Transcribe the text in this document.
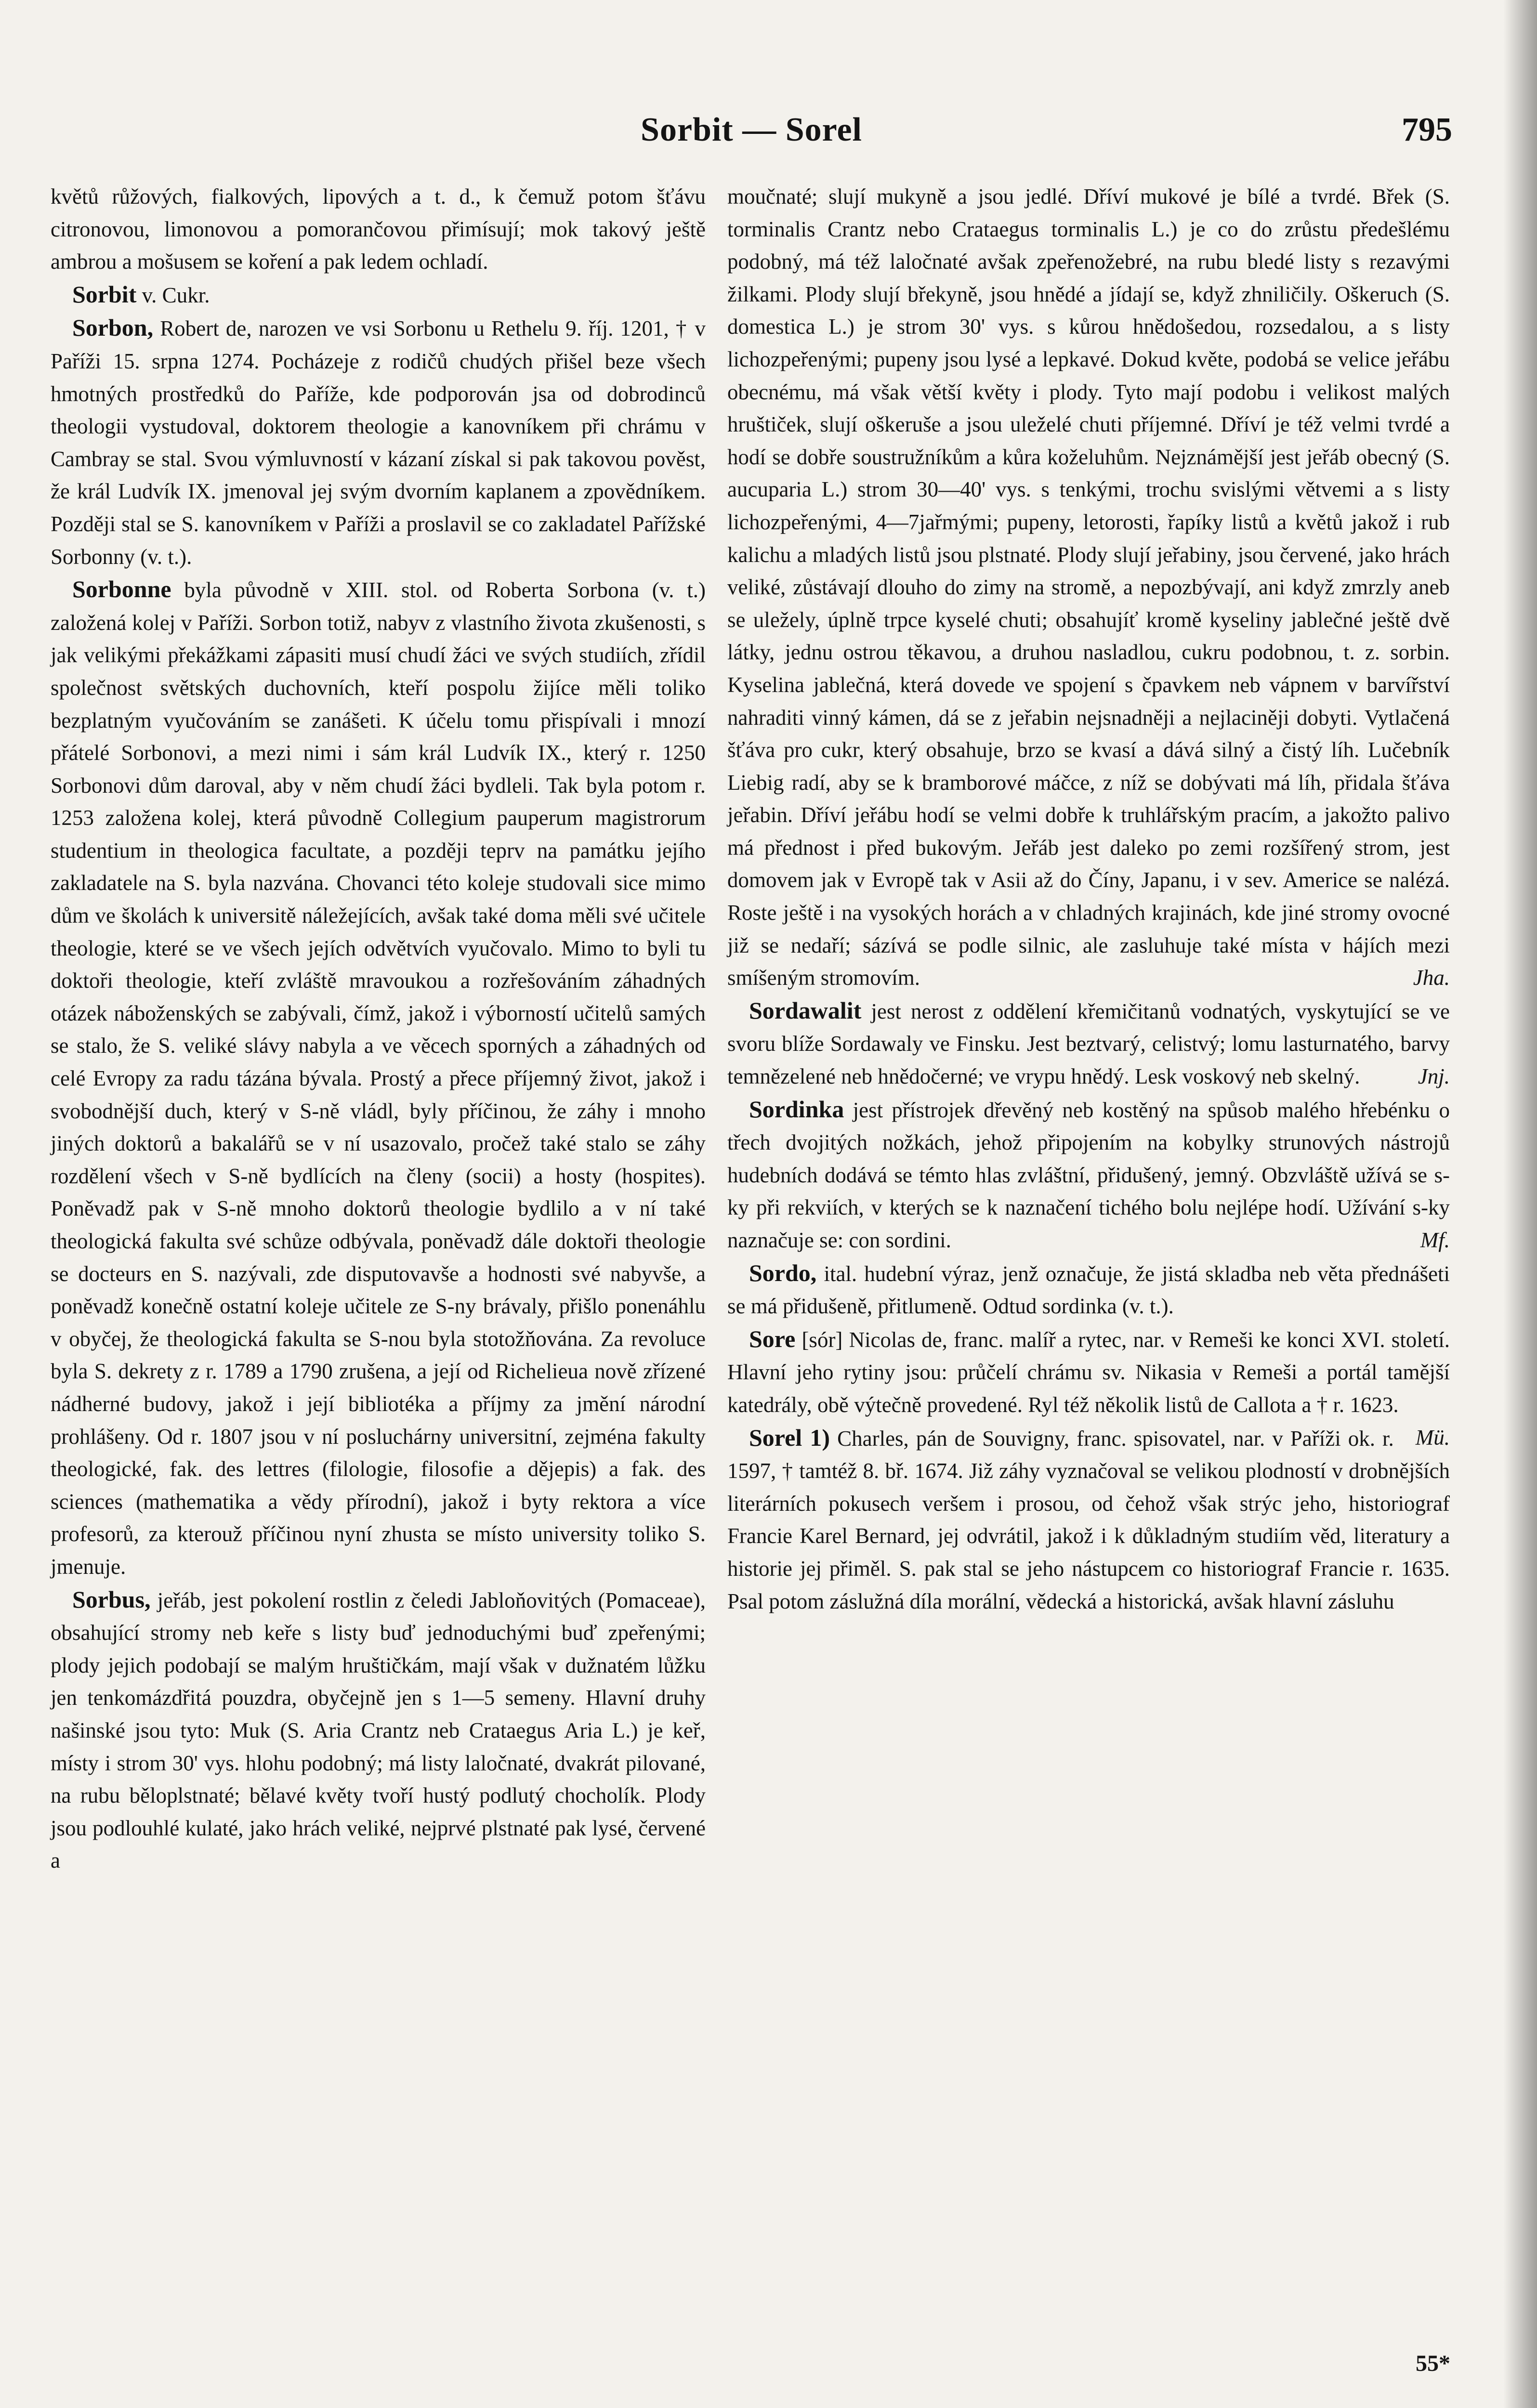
Sorbit — Sorel	795

květů růžových, fialkových, lipových a t. d., k čemuž potom šťávu citronovou, limonovou a pomorančovou přimísují; mok takový ještě ambrou a mošusem se koření a pak ledem ochladí.

Sorbit v. Cukr.

Sorbon, Robert de, narozen ve vsi Sorbonu u Rethelu 9. říj. 1201, † v Paříži 15. srpna 1274. Pocházeje z rodičů chudých přišel beze všech hmotných prostředků do Paříže, kde podporován jsa od dobrodinců theologii vystudoval, doktorem theologie a kanovníkem při chrámu v Cambray se stal. Svou výmluvností v kázaní získal si pak takovou pověst, že král Ludvík IX. jmenoval jej svým dvorním kaplanem a zpovědníkem. Později stal se S. kanovníkem v Paříži a proslavil se co zakladatel Pařížské Sorbonny (v. t.).

Sorbonne byla původně v XIII. stol. od Roberta Sorbona (v. t.) založená kolej v Paříži. Sorbon totiž, nabyv z vlastního života zkušenosti, s jak velikými překážkami zápasiti musí chudí žáci ve svých studiích, zřídil společnost světských duchovních, kteří pospolu žijíce měli toliko bezplatným vyučováním se zanášeti. K účelu tomu přispívali i mnozí přátelé Sorbonovi, a mezi nimi i sám král Ludvík IX., který r. 1250 Sorbonovi dům daroval, aby v něm chudí žáci bydleli. Tak byla potom r. 1253 založena kolej, která původně Collegium pauperum magistrorum studentium in theologica facultate, a později teprv na památku jejího zakladatele na S. byla nazvána. Chovanci této koleje studovali sice mimo dům ve školách k universitě náležejících, avšak také doma měli své učitele theologie, které se ve všech jejích odvětvích vyučovalo. Mimo to byli tu doktoři theologie, kteří zvláště mravoukou a rozřešováním záhadných otázek náboženských se zabývali, čímž, jakož i výborností učitelů samých se stalo, že S. veliké slávy nabyla a ve věcech sporných a záhadných od celé Evropy za radu tázána bývala. Prostý a přece příjemný život, jakož i svobodnější duch, který v S-ně vládl, byly příčinou, že záhy i mnoho jiných doktorů a bakalářů se v ní usazovalo, pročež také stalo se záhy rozdělení všech v S-ně bydlících na členy (socii) a hosty (hospites). Poněvadž pak v S-ně mnoho doktorů theologie bydlilo a v ní také theologická fakulta své schůze odbývala, poněvadž dále doktoři theologie se docteurs en S. nazývali, zde disputovavše a hodnosti své nabyvše, a poněvadž konečně ostatní koleje učitele ze S-ny brávaly, přišlo ponenáhlu v obyčej, že theologická fakulta se S-nou byla stotožňována. Za revoluce byla S. dekrety z r. 1789 a 1790 zrušena, a její od Richelieua nově zřízené nádherné budovy, jakož i její bibliotéka a příjmy za jmění národní prohlášeny. Od r. 1807 jsou v ní posluchárny universitní, zejména fakulty theologické, fak. des lettres (filologie, filosofie a dějepis) a fak. des sciences (mathematika a vědy přírodní), jakož i byty rektora a více profesorů, za kterouž příčinou nyní zhusta se místo university toliko S. jmenuje.

Sorbus, jeřáb, jest pokolení rostlin z čeledi Jabloňovitých (Pomaceae), obsahující stromy neb keře s listy buď jednoduchými buď zpeřenými; plody jejich podobají se malým hruštičkám, mají však v dužnatém lůžku jen tenkomázdřitá pouzdra, obyčejně jen s 1—5 semeny. Hlavní druhy našinské jsou tyto: Muk (S. Aria Crantz neb Crataegus Aria L.) je keř, místy i strom 30' vys. hlohu podobný; má listy laločnaté, dvakrát pilované, na rubu běloplstnaté; bělavé květy tvoří hustý podlutý chocholík. Plody jsou podlouhlé kulaté, jako hrách veliké, nejprvé plstnaté pak lysé, červené a

moučnaté; slují mukyně a jsou jedlé. Dříví mukové je bílé a tvrdé. Břek (S. torminalis Crantz nebo Crataegus torminalis L.) je co do zrůstu předešlému podobný, má též laločnaté avšak zpeřenožebré, na rubu bledé listy s rezavými žilkami. Plody slují břekyně, jsou hnědé a jídají se, když zhniličily. Oškeruch (S. domestica L.) je strom 30' vys. s kůrou hnědošedou, rozsedalou, a s listy lichozpeřenými; pupeny jsou lysé a lepkavé. Dokud květe, podobá se velice jeřábu obecnému, má však větší květy i plody. Tyto mají podobu i velikost malých hruštiček, slují oškeruše a jsou uleželé chuti příjemné. Dříví je též velmi tvrdé a hodí se dobře soustružníkům a kůra koželuhům. Nejznámější jest jeřáb obecný (S. aucuparia L.) strom 30—40' vys. s tenkými, trochu svislými větvemi a s listy lichozpeřenými, 4—7jařmými; pupeny, letorosti, řapíky listů a květů jakož i rub kalichu a mladých listů jsou plstnaté. Plody slují jeřabiny, jsou červené, jako hrách veliké, zůstávají dlouho do zimy na stromě, a nepozbývají, ani když zmrzly aneb se uležely, úplně trpce kyselé chuti; obsahujíť kromě kyseliny jablečné ještě dvě látky, jednu ostrou těkavou, a druhou nasladlou, cukru podobnou, t. z. sorbin. Kyselina jablečná, která dovede ve spojení s čpavkem neb vápnem v barvířství nahraditi vinný kámen, dá se z jeřabin nejsnadněji a nejlaciněji dobyti. Vytlačená šťáva pro cukr, který obsahuje, brzo se kvasí a dává silný a čistý líh. Lučebník Liebig radí, aby se k bramborové máčce, z níž se dobývati má líh, přidala šťáva jeřabin. Dříví jeřábu hodí se velmi dobře k truhlářským pracím, a jakožto palivo má přednost i před bukovým. Jeřáb jest daleko po zemi rozšířený strom, jest domovem jak v Evropě tak v Asii až do Číny, Japanu, i v sev. Americe se nalézá. Roste ještě i na vysokých horách a v chladných krajinách, kde jiné stromy ovocné již se nedaří; sázívá se podle silnic, ale zasluhuje také místa v hájích mezi smíšeným stromovím.	Jha.

Sordawalit jest nerost z oddělení křemičitanů vodnatých, vyskytující se ve svoru blíže Sordawaly ve Finsku. Jest beztvarý, celistvý; lomu lasturnatého, barvy temnězelené neb hnědočerné; ve vrypu hnědý. Lesk voskový neb skelný.	Jnj.

Sordinka jest přístrojek dřevěný neb kostěný na spůsob malého hřebénku o třech dvojitých nožkách, jehož připojením na kobylky strunových nástrojů hudebních dodává se témto hlas zvláštní, přidušený, jemný. Obzvláště užívá se s-ky při rekviích, v kterých se k naznačení tichého bolu nejlépe hodí. Užívání s-ky naznačuje se: con sordini.	Mf.

Sordo, ital. hudební výraz, jenž označuje, že jistá skladba neb věta přednášeti se má přidušeně, přitlumeně. Odtud sordinka (v. t.).

Sore [sór] Nicolas de, franc. malíř a rytec, nar. v Remeši ke konci XVI. století. Hlavní jeho rytiny jsou: průčelí chrámu sv. Nikasia v Remeši a portál tamější katedrály, obě výtečně provedené. Ryl též několik listů de Callota a † r. 1623.
Mü.

Sorel 1) Charles, pán de Souvigny, franc. spisovatel, nar. v Paříži ok. r. 1597, † tamtéž 8. bř. 1674. Již záhy vyznačoval se velikou plodností v drobnějších literárních pokusech veršem i prosou, od čehož však strýc jeho, historiograf Francie Karel Bernard, jej odvrátil, jakož i k důkladným studiím věd, literatury a historie jej přiměl. S. pak stal se jeho nástupcem co historiograf Francie r. 1635. Psal potom záslužná díla morální, vědecká a historická, avšak hlavní zásluhu

55*
